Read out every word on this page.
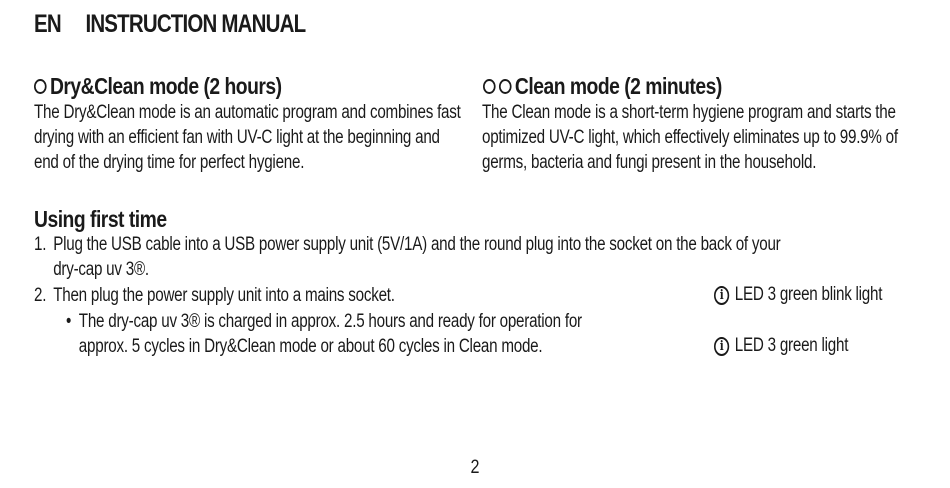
EN INSTRUCTION MANUAL
Dry&Clean mode (2 hours)
The Dry&Clean mode is an automatic program and combines fast
drying with an efficient fan with UV-C light at the beginning and
end of the drying time for perfect hygiene.
Clean mode (2 minutes)
The Clean mode is a short-term hygiene program and starts the
optimized UV-C light, which effectively eliminates up to 99.9% of
germs, bacteria and fungi present in the household.
Using first time
1. Plug the USB cable into a USB power supply unit (5V/1A) and the round plug into the socket on the back of your
dry-cap uv 3®.
2. Then plug the power supply unit into a mains socket.
• The dry-cap uv 3® is charged in approx. 2.5 hours and ready for operation for
approx. 5 cycles in Dry&Clean mode or about 60 cycles in Clean mode.
i LED 3 green blink light
i LED 3 green light
2
